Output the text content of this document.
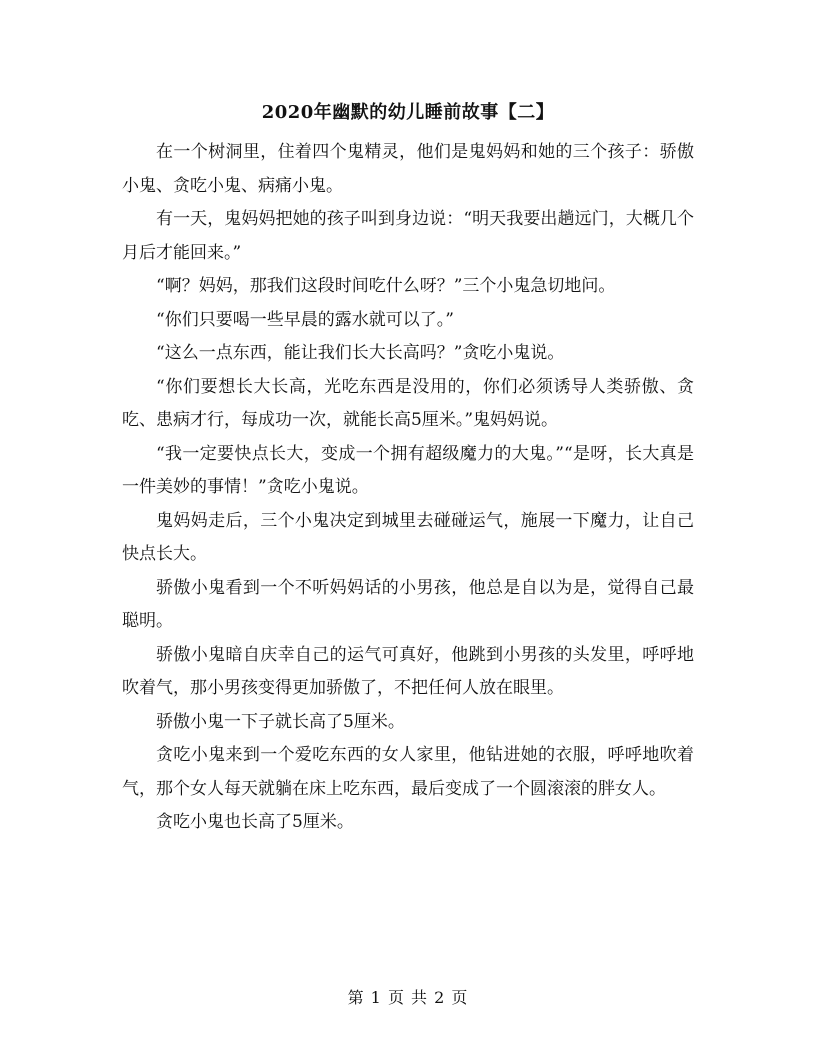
2020年幽默的幼儿睡前故事【二】

在一个树洞里，住着四个鬼精灵，他们是鬼妈妈和她的三个孩子：骄傲小鬼、贪吃小鬼、病痛小鬼。

有一天，鬼妈妈把她的孩子叫到身边说：“明天我要出趟远门，大概几个月后才能回来。”

“啊？妈妈，那我们这段时间吃什么呀？”三个小鬼急切地问。

“你们只要喝一些早晨的露水就可以了。”

“这么一点东西，能让我们长大长高吗？”贪吃小鬼说。

“你们要想长大长高，光吃东西是没用的，你们必须诱导人类骄傲、贪吃、患病才行，每成功一次，就能长高5厘米。”鬼妈妈说。

“我一定要快点长大，变成一个拥有超级魔力的大鬼。”“是呀，长大真是一件美妙的事情！”贪吃小鬼说。

鬼妈妈走后，三个小鬼决定到城里去碰碰运气，施展一下魔力，让自己快点长大。

骄傲小鬼看到一个不听妈妈话的小男孩，他总是自以为是，觉得自己最聪明。

骄傲小鬼暗自庆幸自己的运气可真好，他跳到小男孩的头发里，呼呼地吹着气，那小男孩变得更加骄傲了，不把任何人放在眼里。

骄傲小鬼一下子就长高了5厘米。

贪吃小鬼来到一个爱吃东西的女人家里，他钻进她的衣服，呼呼地吹着气，那个女人每天就躺在床上吃东西，最后变成了一个圆滚滚的胖女人。

贪吃小鬼也长高了5厘米。

第 1 页 共 2 页
